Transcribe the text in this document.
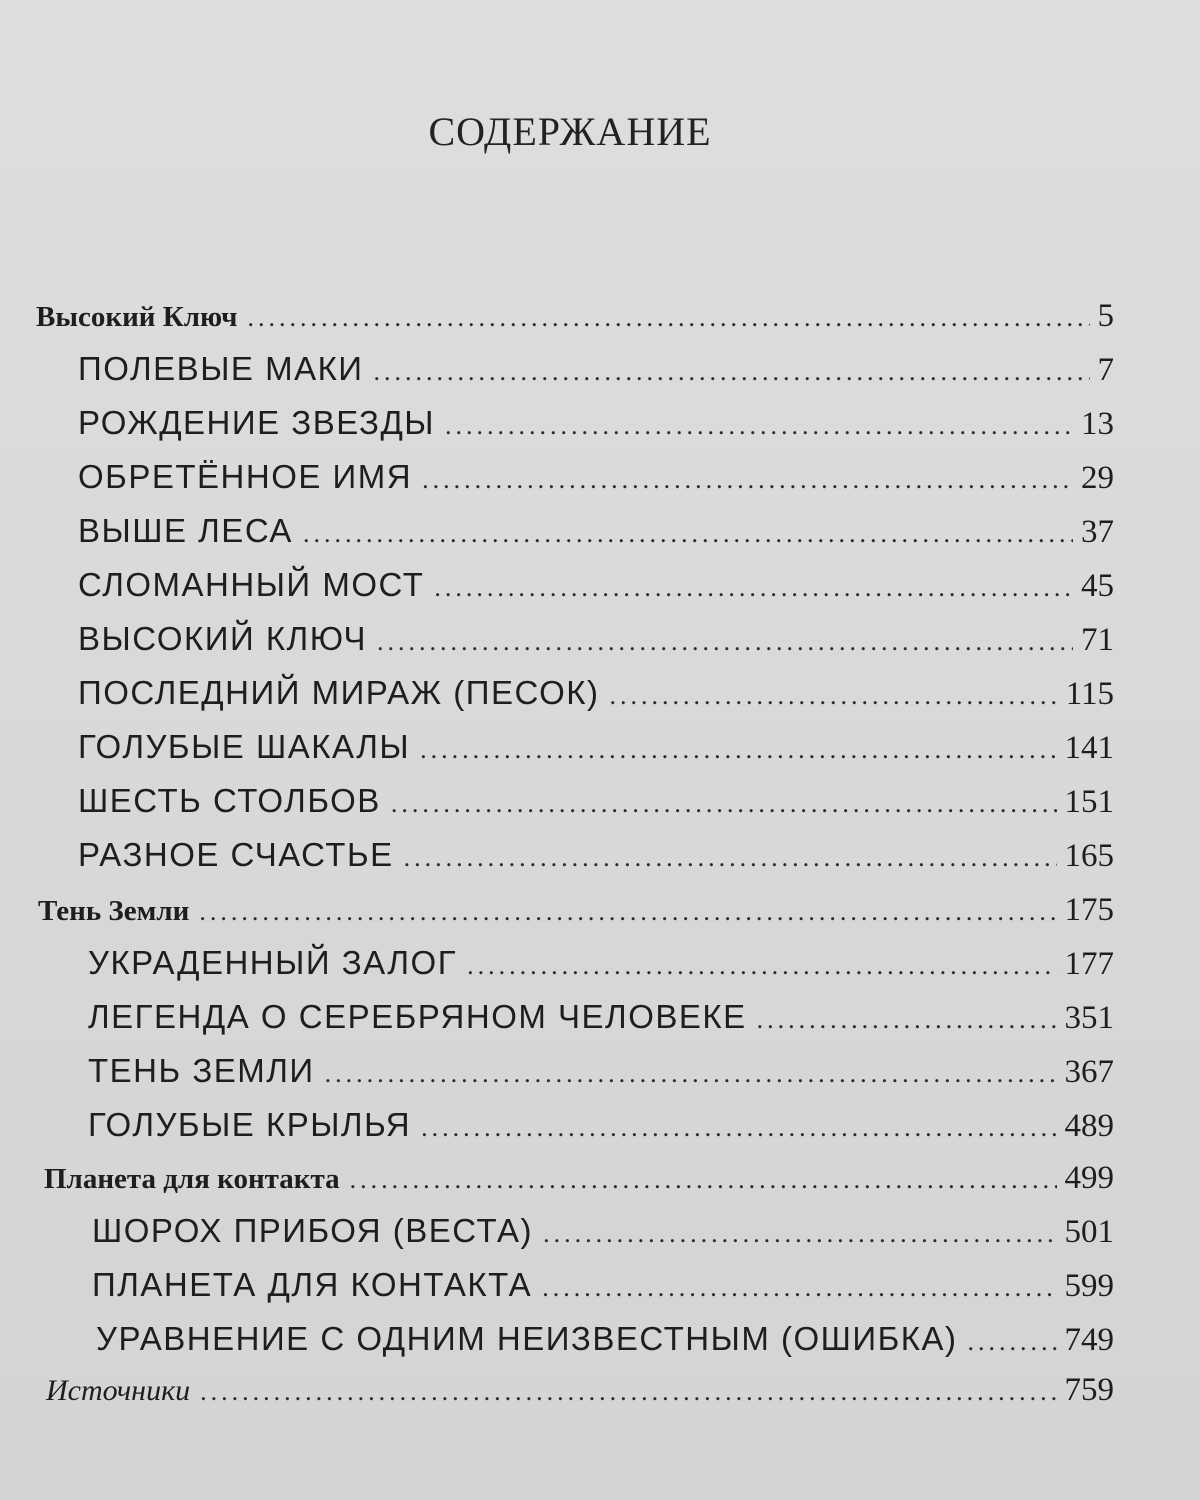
СОДЕРЖАНИЕ
Высокий Ключ .....	5
ПОЛЕВЫЕ МАКИ .....	7
РОЖДЕНИЕ ЗВЕЗДЫ .....	13
ОБРЕТЁННОЕ ИМЯ .....	29
ВЫШЕ ЛЕСА .....	37
СЛОМАННЫЙ МОСТ .....	45
ВЫСОКИЙ КЛЮЧ .....	71
ПОСЛЕДНИЙ МИРАЖ (ПЕСОК) .....	115
ГОЛУБЫЕ ШАКАЛЫ .....	141
ШЕСТЬ СТОЛБОВ .....	151
РАЗНОЕ СЧАСТЬЕ .....	165
Тень Земли .....	175
УКРАДЕННЫЙ ЗАЛОГ .....	177
ЛЕГЕНДА О СЕРЕБРЯНОМ ЧЕЛОВЕКЕ .....	351
ТЕНЬ ЗЕМЛИ .....	367
ГОЛУБЫЕ КРЫЛЬЯ .....	489
Планета для контакта .....	499
ШОРОХ ПРИБОЯ (ВЕСТА) .....	501
ПЛАНЕТА ДЛЯ КОНТАКТА .....	599
УРАВНЕНИЕ С ОДНИМ НЕИЗВЕСТНЫМ (ОШИБКА) .....	749
Источники .....	759
